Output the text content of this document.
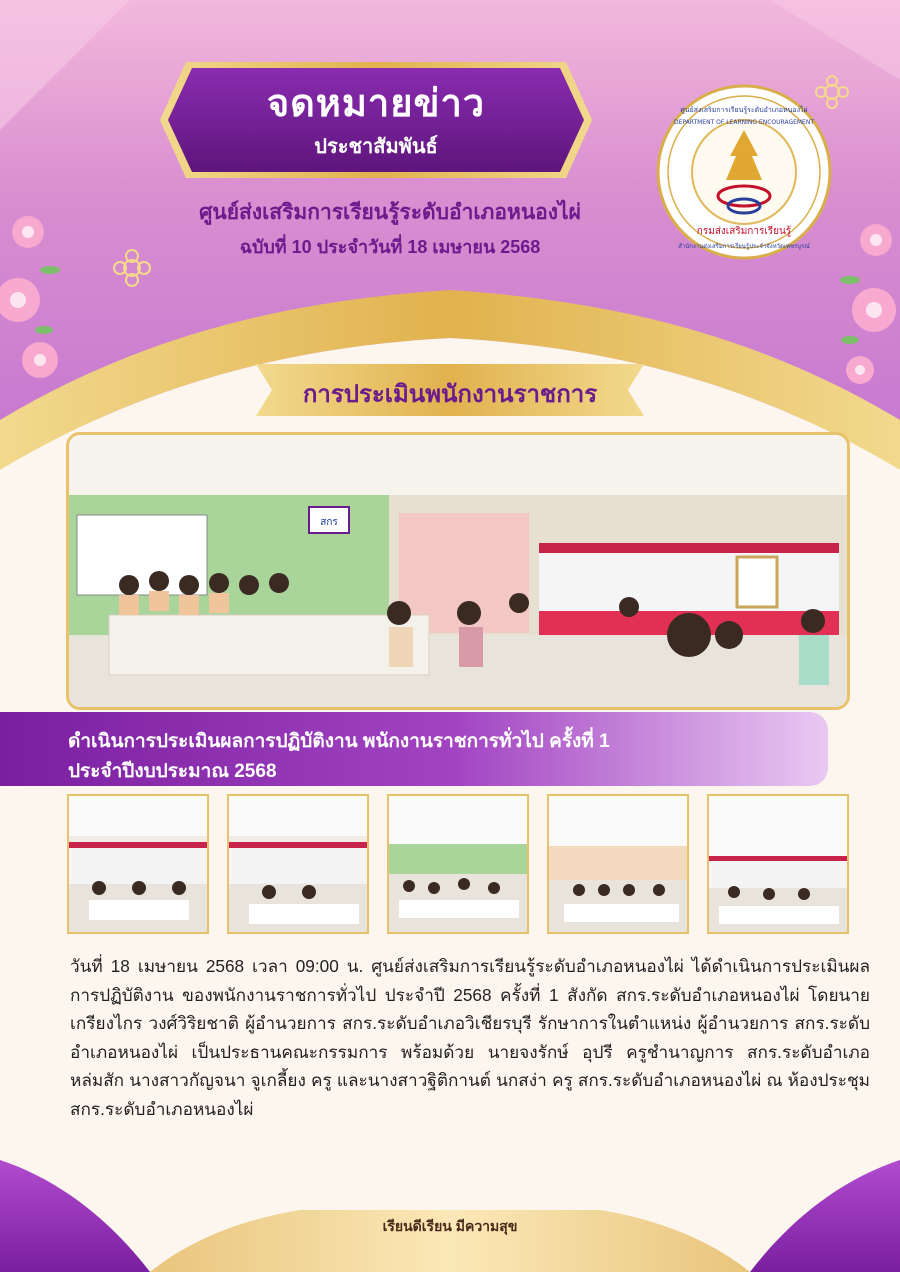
จดหมายข่าว
ประชาสัมพันธ์
ศูนย์ส่งเสริมการเรียนรู้ระดับอำเภอหนองไผ่
ฉบับที่ 10 ประจำวันที่ 18 เมษายน 2568
กรมส่งเสริมการเรียนรู้
ศูนย์ส่งเสริมการเรียนรู้ระดับอำเภอหนองไผ่
DEPARTMENT OF LEARNING ENCOURAGEMENT
สำนักงานส่งเสริมการเรียนรู้ประจำจังหวัดเพชรบูรณ์
การประเมินพนักงานราชการ
สกร
ดำเนินการประเมินผลการปฏิบัติงาน พนักงานราชการทั่วไป ครั้งที่ 1
ประจำปีงบประมาณ 2568
วันที่ 18 เมษายน 2568 เวลา 09:00 น. ศูนย์ส่งเสริมการเรียนรู้ระดับอำเภอหนองไผ่ ได้ดำเนินการประเมินผลการปฏิบัติงาน ของพนักงานราชการทั่วไป ประจำปี 2568 ครั้งที่ 1 สังกัด สกร.ระดับอำเภอหนองไผ่ โดยนายเกรียงไกร วงศ์วิริยชาติ ผู้อำนวยการ สกร.ระดับอำเภอวิเชียรบุรี รักษาการในตำแหน่ง ผู้อำนวยการ สกร.ระดับอำเภอหนองไผ่ เป็นประธานคณะกรรมการ พร้อมด้วย นายจงรักษ์ อุปรี ครูชำนาญการ สกร.ระดับอำเภอหล่มสัก นางสาวกัญจนา จูเกลี้ยง ครู และนางสาวฐิติกานต์ นกสง่า ครู สกร.ระดับอำเภอหนองไผ่ ณ ห้องประชุม สกร.ระดับอำเภอหนองไผ่
เรียนดีเรียน มีความสุข
